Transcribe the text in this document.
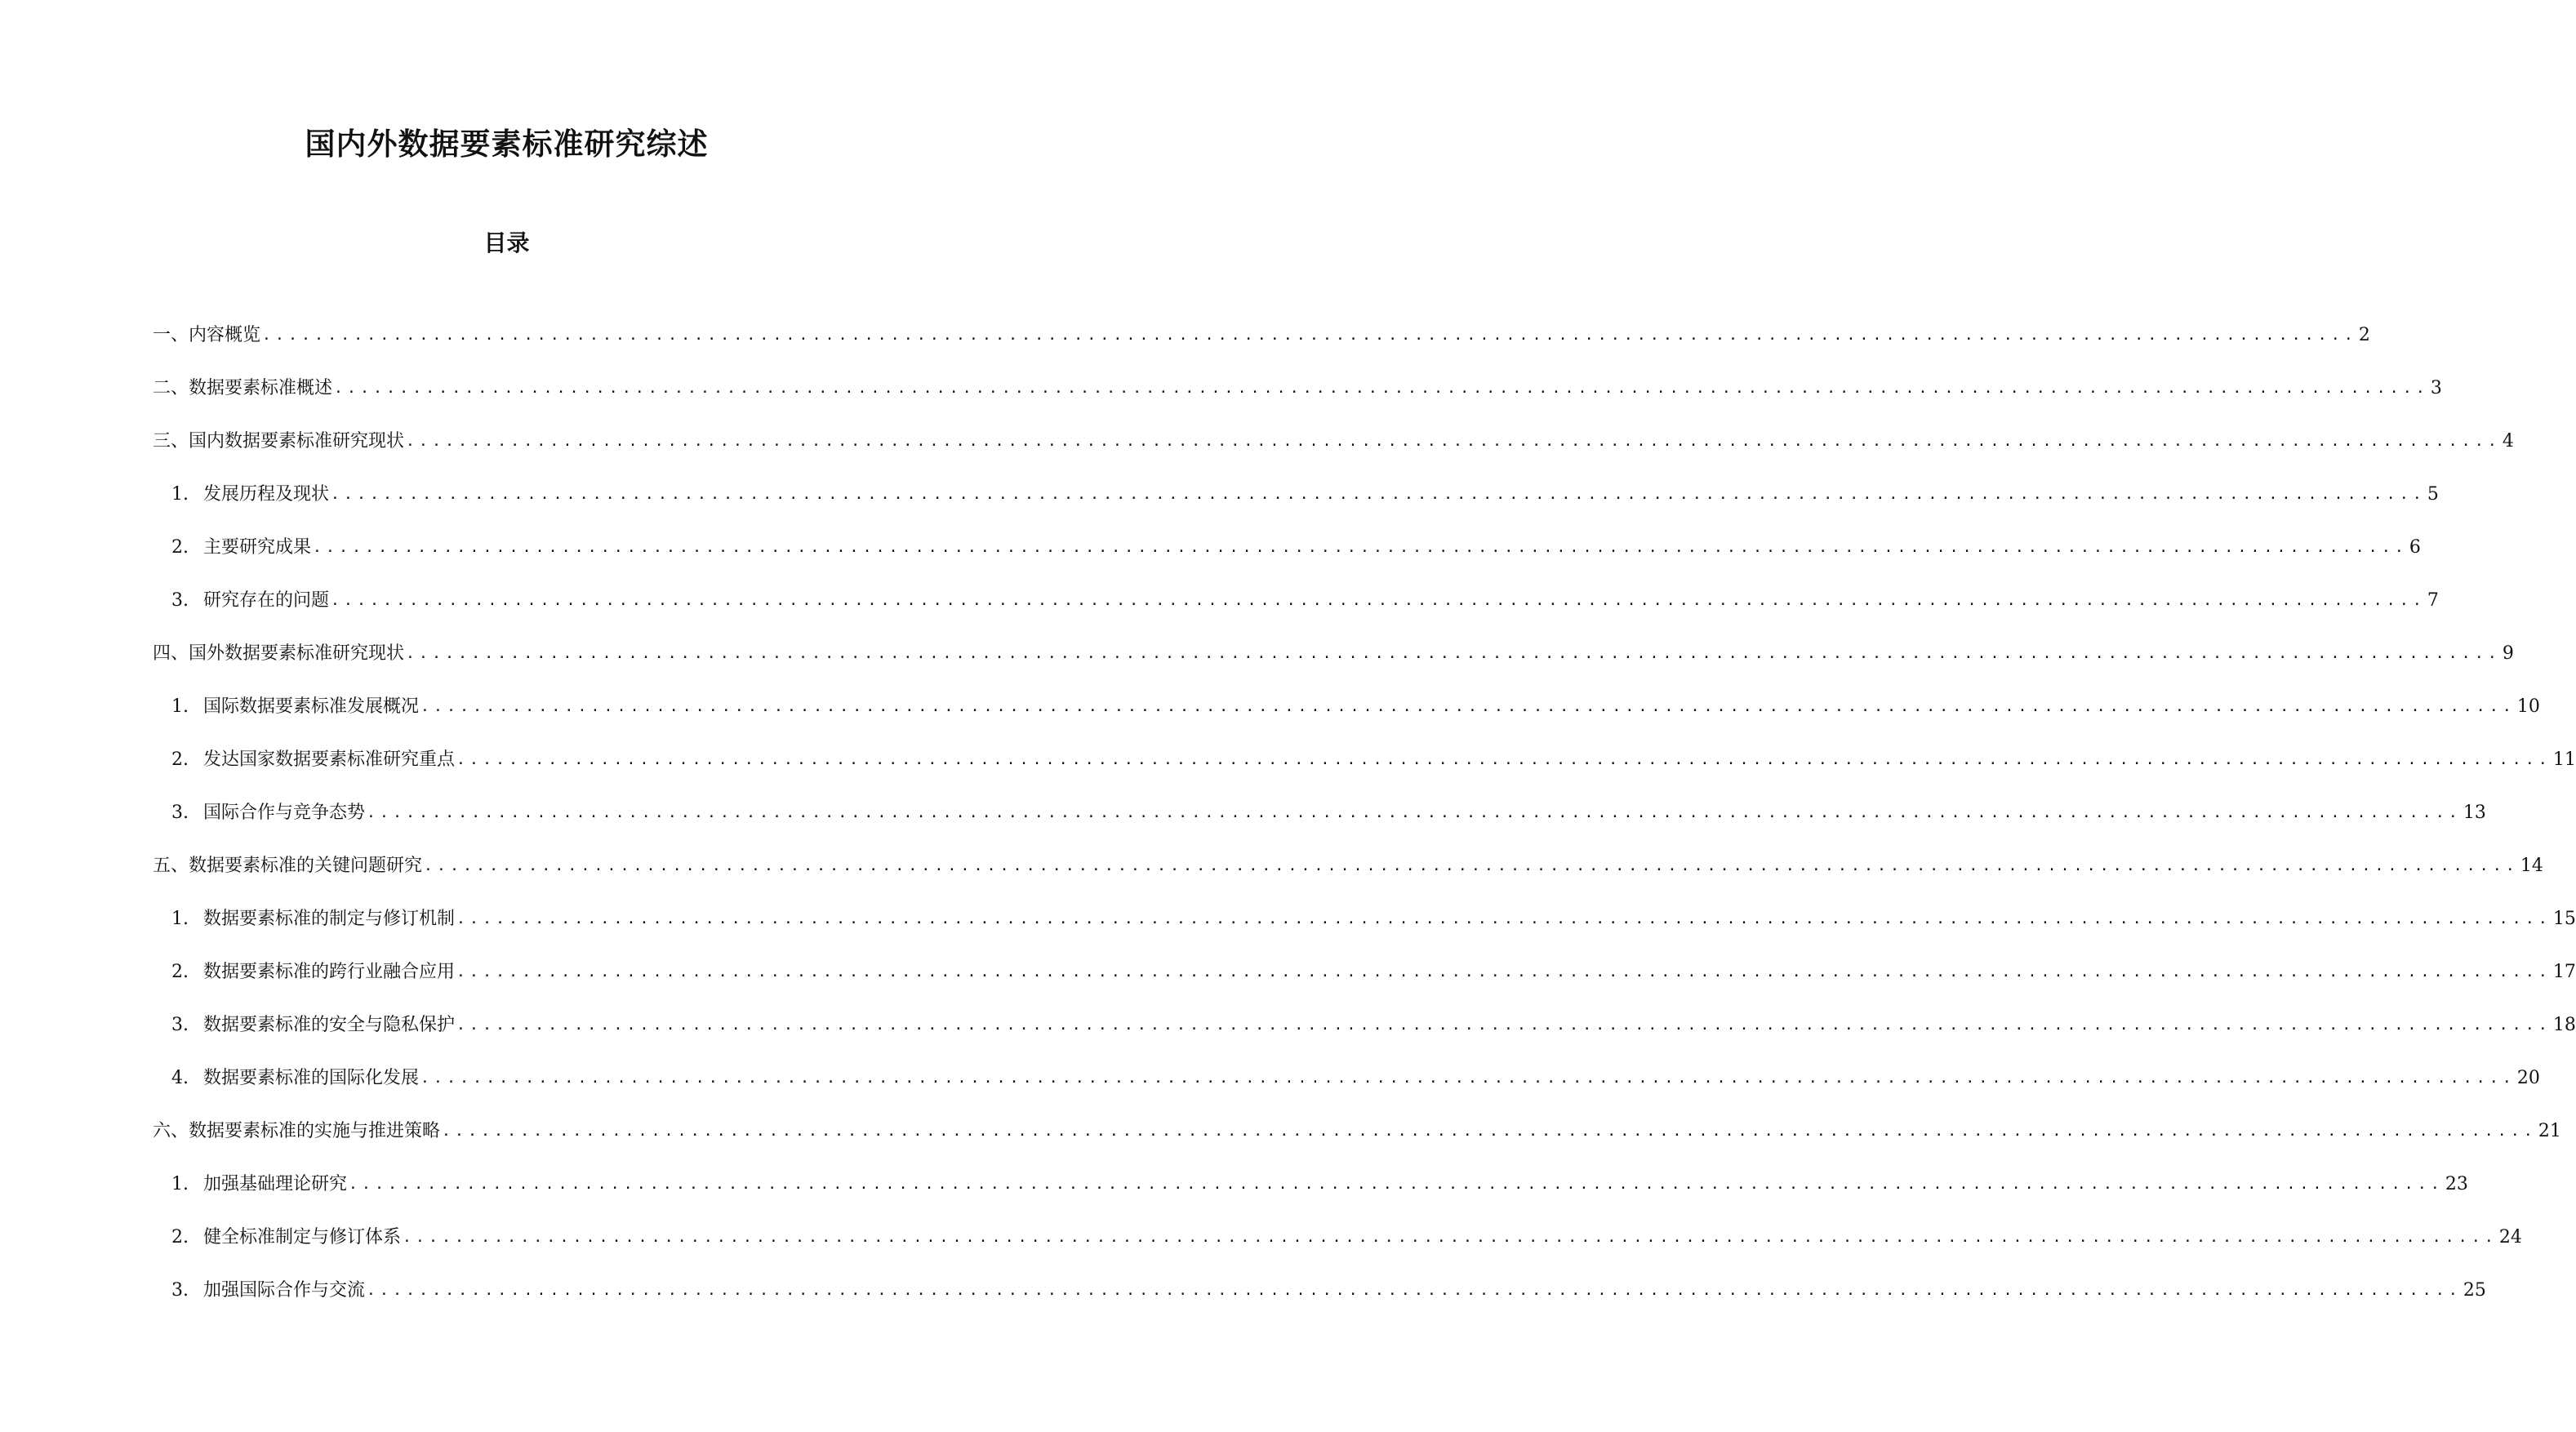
国内外数据要素标准研究综述
目录
一、内容概览 ................................................................................................................................................................ 2
二、数据要素标准概述 ................................................................................................................................................................ 3
三、国内数据要素标准研究现状 ................................................................................................................................................................ 4
1. 发展历程及现状 ................................................................................................................................................................ 5
2. 主要研究成果 ................................................................................................................................................................ 6
3. 研究存在的问题 ................................................................................................................................................................ 7
四、国外数据要素标准研究现状 ................................................................................................................................................................ 9
1. 国际数据要素标准发展概况 ................................................................................................................................................................ 10
2. 发达国家数据要素标准研究重点 ................................................................................................................................................................ 11
3. 国际合作与竞争态势 ................................................................................................................................................................ 13
五、数据要素标准的关键问题研究 ................................................................................................................................................................ 14
1. 数据要素标准的制定与修订机制 ................................................................................................................................................................ 15
2. 数据要素标准的跨行业融合应用 ................................................................................................................................................................ 17
3. 数据要素标准的安全与隐私保护 ................................................................................................................................................................ 18
4. 数据要素标准的国际化发展 ................................................................................................................................................................ 20
六、数据要素标准的实施与推进策略 ................................................................................................................................................................ 21
1. 加强基础理论研究 ................................................................................................................................................................ 23
2. 健全标准制定与修订体系 ................................................................................................................................................................ 24
3. 加强国际合作与交流 ................................................................................................................................................................ 25
